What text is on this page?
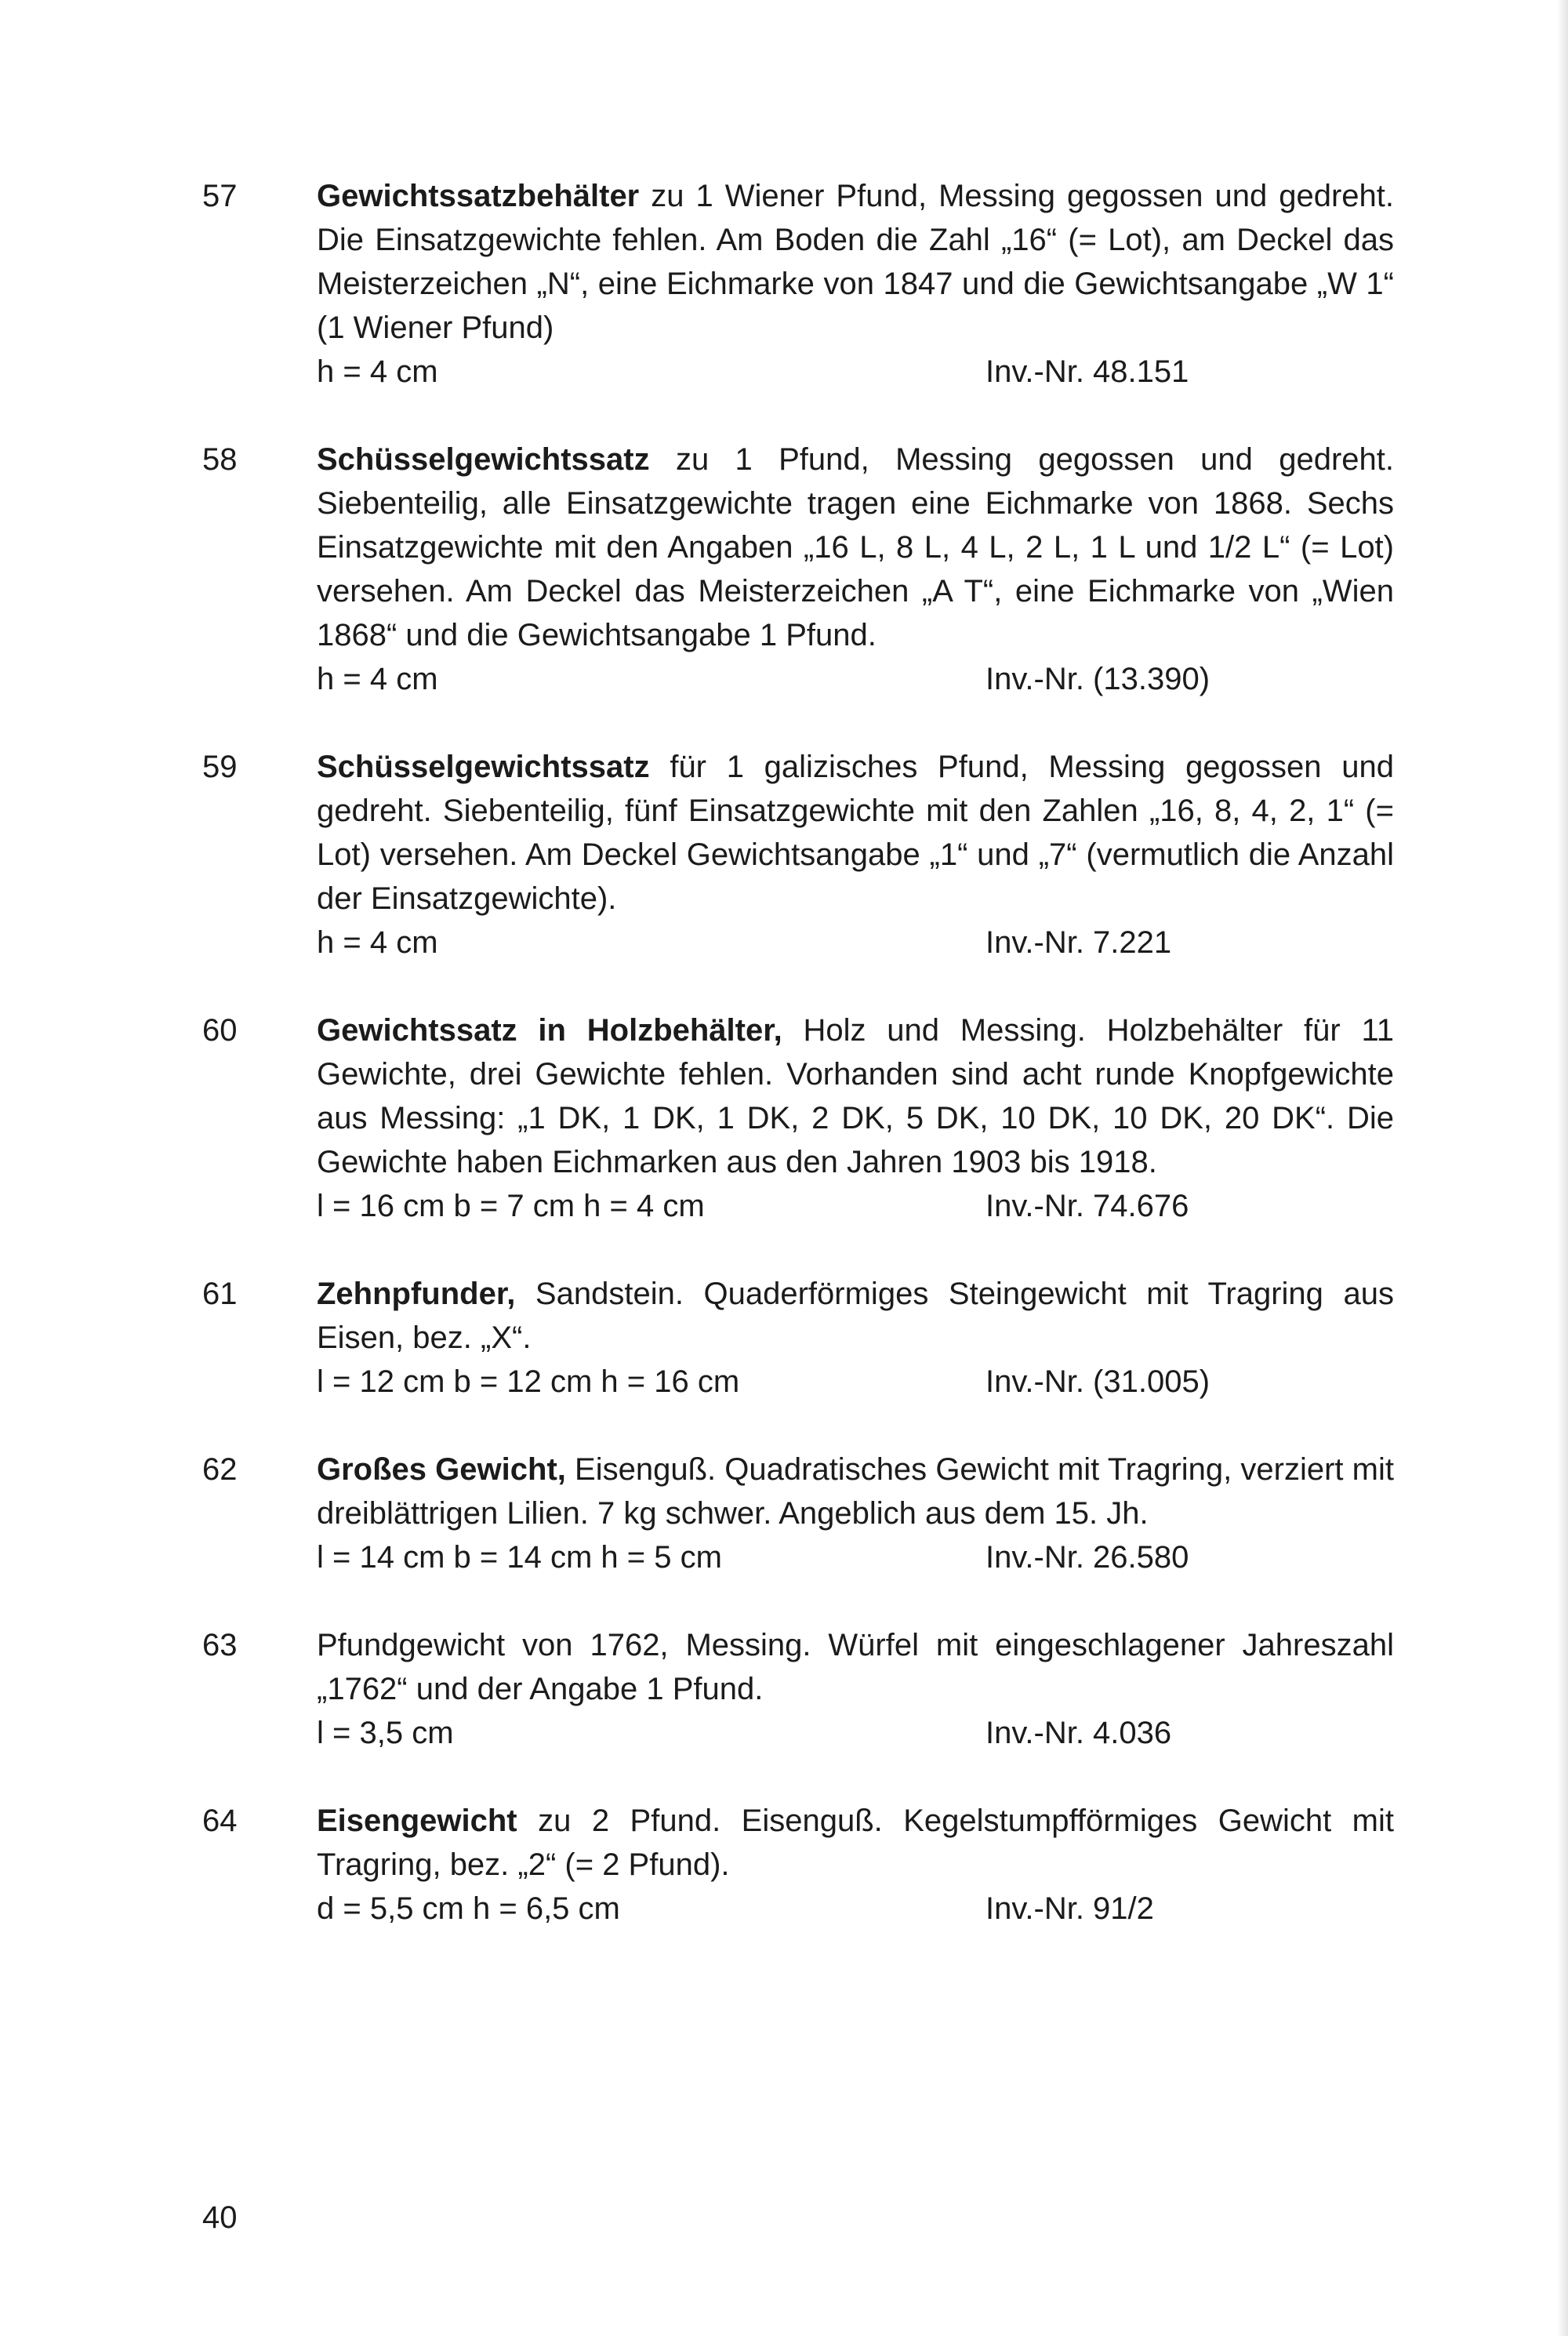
57	Gewichtssatzbehälter zu 1 Wiener Pfund, Messing gegossen und gedreht. Die Einsatzgewichte fehlen. Am Boden die Zahl „16“ (= Lot), am Deckel das Meisterzeichen „N“, eine Eichmarke von 1847 und die Gewichtsangabe „W 1“ (1 Wiener Pfund)

h = 4 cm	Inv.-Nr. 48.151

58	Schüsselgewichtssatz zu 1 Pfund, Messing gegossen und gedreht. Siebenteilig, alle Einsatzgewichte tragen eine Eichmarke von 1868. Sechs Einsatzgewichte mit den Angaben „16 L, 8 L, 4 L, 2 L, 1 L und 1/2 L“ (= Lot) versehen. Am Deckel das Meisterzeichen „A T“, eine Eichmarke von „Wien 1868“ und die Gewichtsangabe 1 Pfund.

h = 4 cm	Inv.-Nr. (13.390)

59	Schüsselgewichtssatz für 1 galizisches Pfund, Messing gegossen und gedreht. Siebenteilig, fünf Einsatzgewichte mit den Zahlen „16, 8, 4, 2, 1“ (= Lot) versehen. Am Deckel Gewichtsangabe „1“ und „7“ (vermutlich die Anzahl der Einsatzgewichte).

h = 4 cm	Inv.-Nr. 7.221

60	Gewichtssatz in Holzbehälter, Holz und Messing. Holzbehälter für 11 Gewichte, drei Gewichte fehlen. Vorhanden sind acht runde Knopfgewichte aus Messing: „1 DK, 1 DK, 1 DK, 2 DK, 5 DK, 10 DK, 10 DK, 20 DK“. Die Gewichte haben Eichmarken aus den Jahren 1903 bis 1918.

l = 16 cm b = 7 cm h = 4 cm	Inv.-Nr. 74.676

61	Zehnpfunder, Sandstein. Quaderförmiges Steingewicht mit Tragring aus Eisen, bez. „X“.

l = 12 cm b = 12 cm h = 16 cm	Inv.-Nr. (31.005)

62	Großes Gewicht, Eisenguß. Quadratisches Gewicht mit Tragring, verziert mit dreiblättrigen Lilien. 7 kg schwer. Angeblich aus dem 15. Jh.

l = 14 cm b = 14 cm h = 5 cm	Inv.-Nr. 26.580

63	Pfundgewicht von 1762, Messing. Würfel mit eingeschlagener Jahreszahl „1762“ und der Angabe 1 Pfund.

l = 3,5 cm	Inv.-Nr. 4.036

64	Eisengewicht zu 2 Pfund. Eisenguß. Kegelstumpfförmiges Gewicht mit Tragring, bez. „2“ (= 2 Pfund).

d = 5,5 cm h = 6,5 cm	Inv.-Nr. 91/2

40
